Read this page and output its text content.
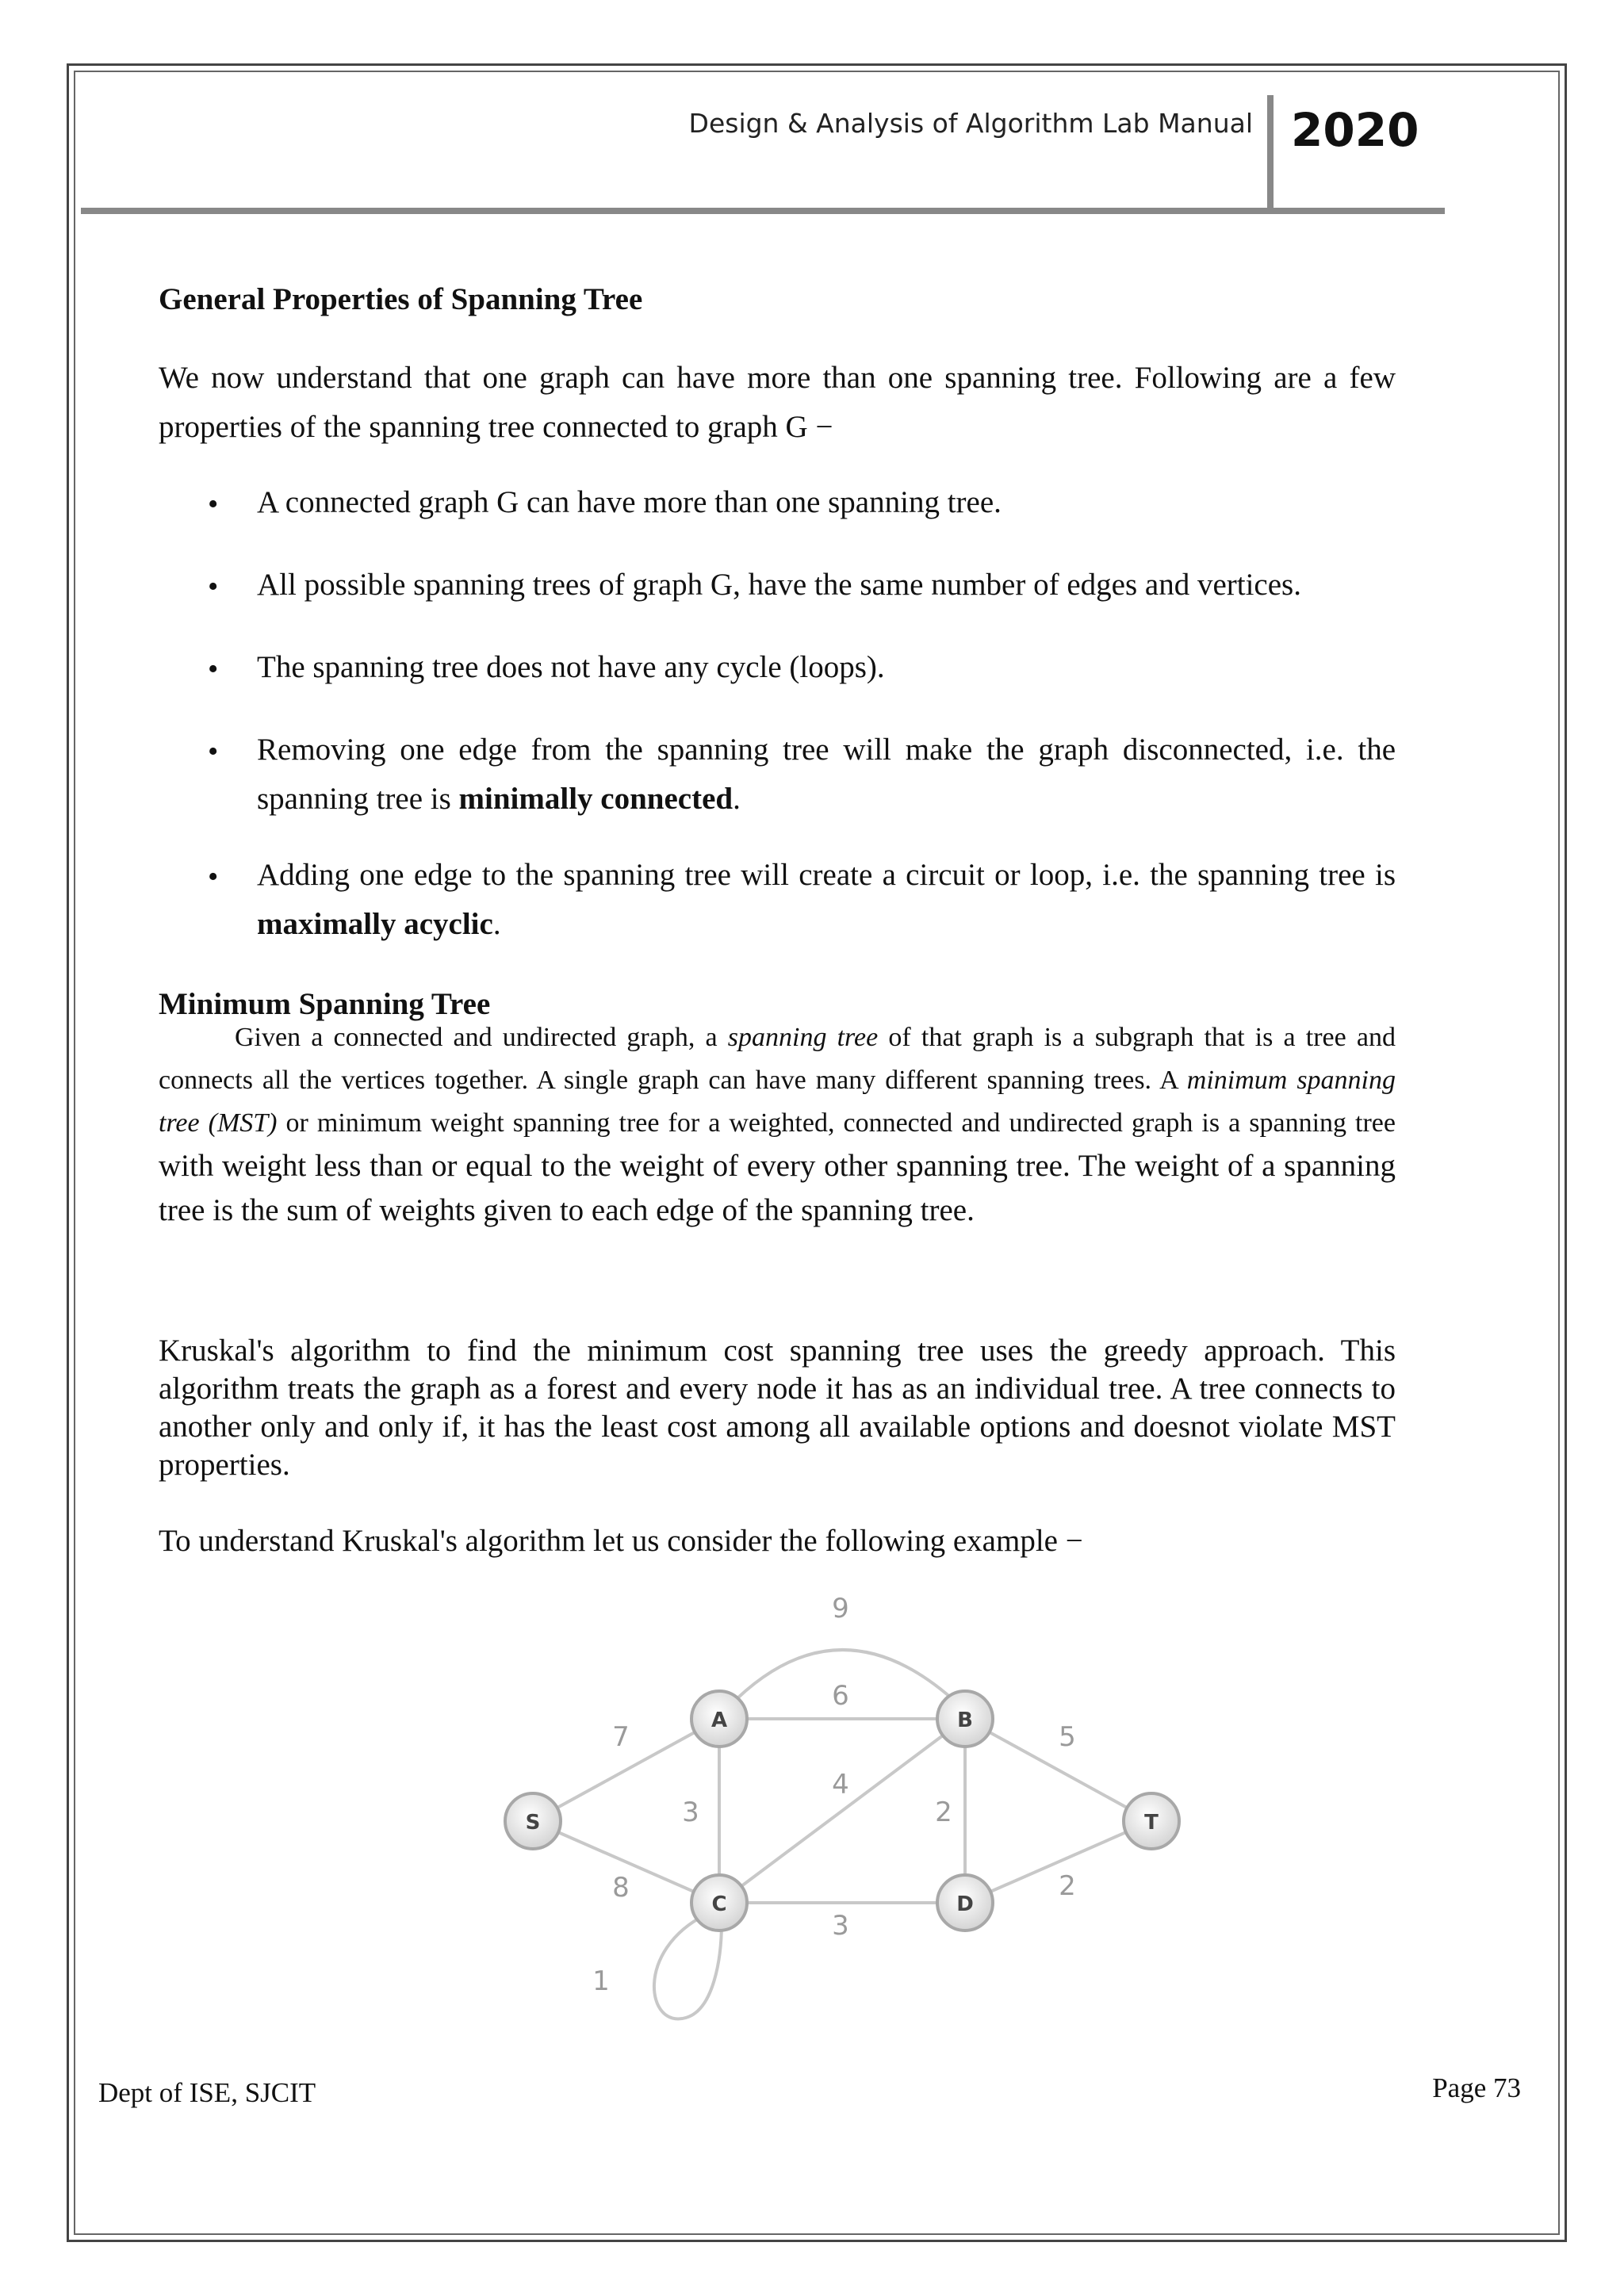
Design & Analysis of Algorithm Lab Manual 2020
General Properties of Spanning Tree
We now understand that one graph can have more than one spanning tree. Following are a few properties of the spanning tree connected to graph G −
• A connected graph G can have more than one spanning tree.
• All possible spanning trees of graph G, have the same number of edges and vertices.
• The spanning tree does not have any cycle (loops).
• Removing one edge from the spanning tree will make the graph disconnected, i.e. the spanning tree is minimally connected.
• Adding one edge to the spanning tree will create a circuit or loop, i.e. the spanning tree is maximally acyclic.
Minimum Spanning Tree
Given a connected and undirected graph, a spanning tree of that graph is a subgraph that is a tree and connects all the vertices together. A single graph can have many different spanning trees. A minimum spanning tree (MST) or minimum weight spanning tree for a weighted, connected and undirected graph is a spanning tree with weight less than or equal to the weight of every other spanning tree. The weight of a spanning tree is the sum of weights given to each edge of the spanning tree.
Kruskal's algorithm to find the minimum cost spanning tree uses the greedy approach. This algorithm treats the graph as a forest and every node it has as an individual tree. A tree connects to another only and only if, it has the least cost among all available options and doesnot violate MST properties.
To understand Kruskal's algorithm let us consider the following example −
7
8
6
9
3
4
2
5
3
2
1
S
A	B
C	D
T
Dept of ISE, SJCIT	Page 73
